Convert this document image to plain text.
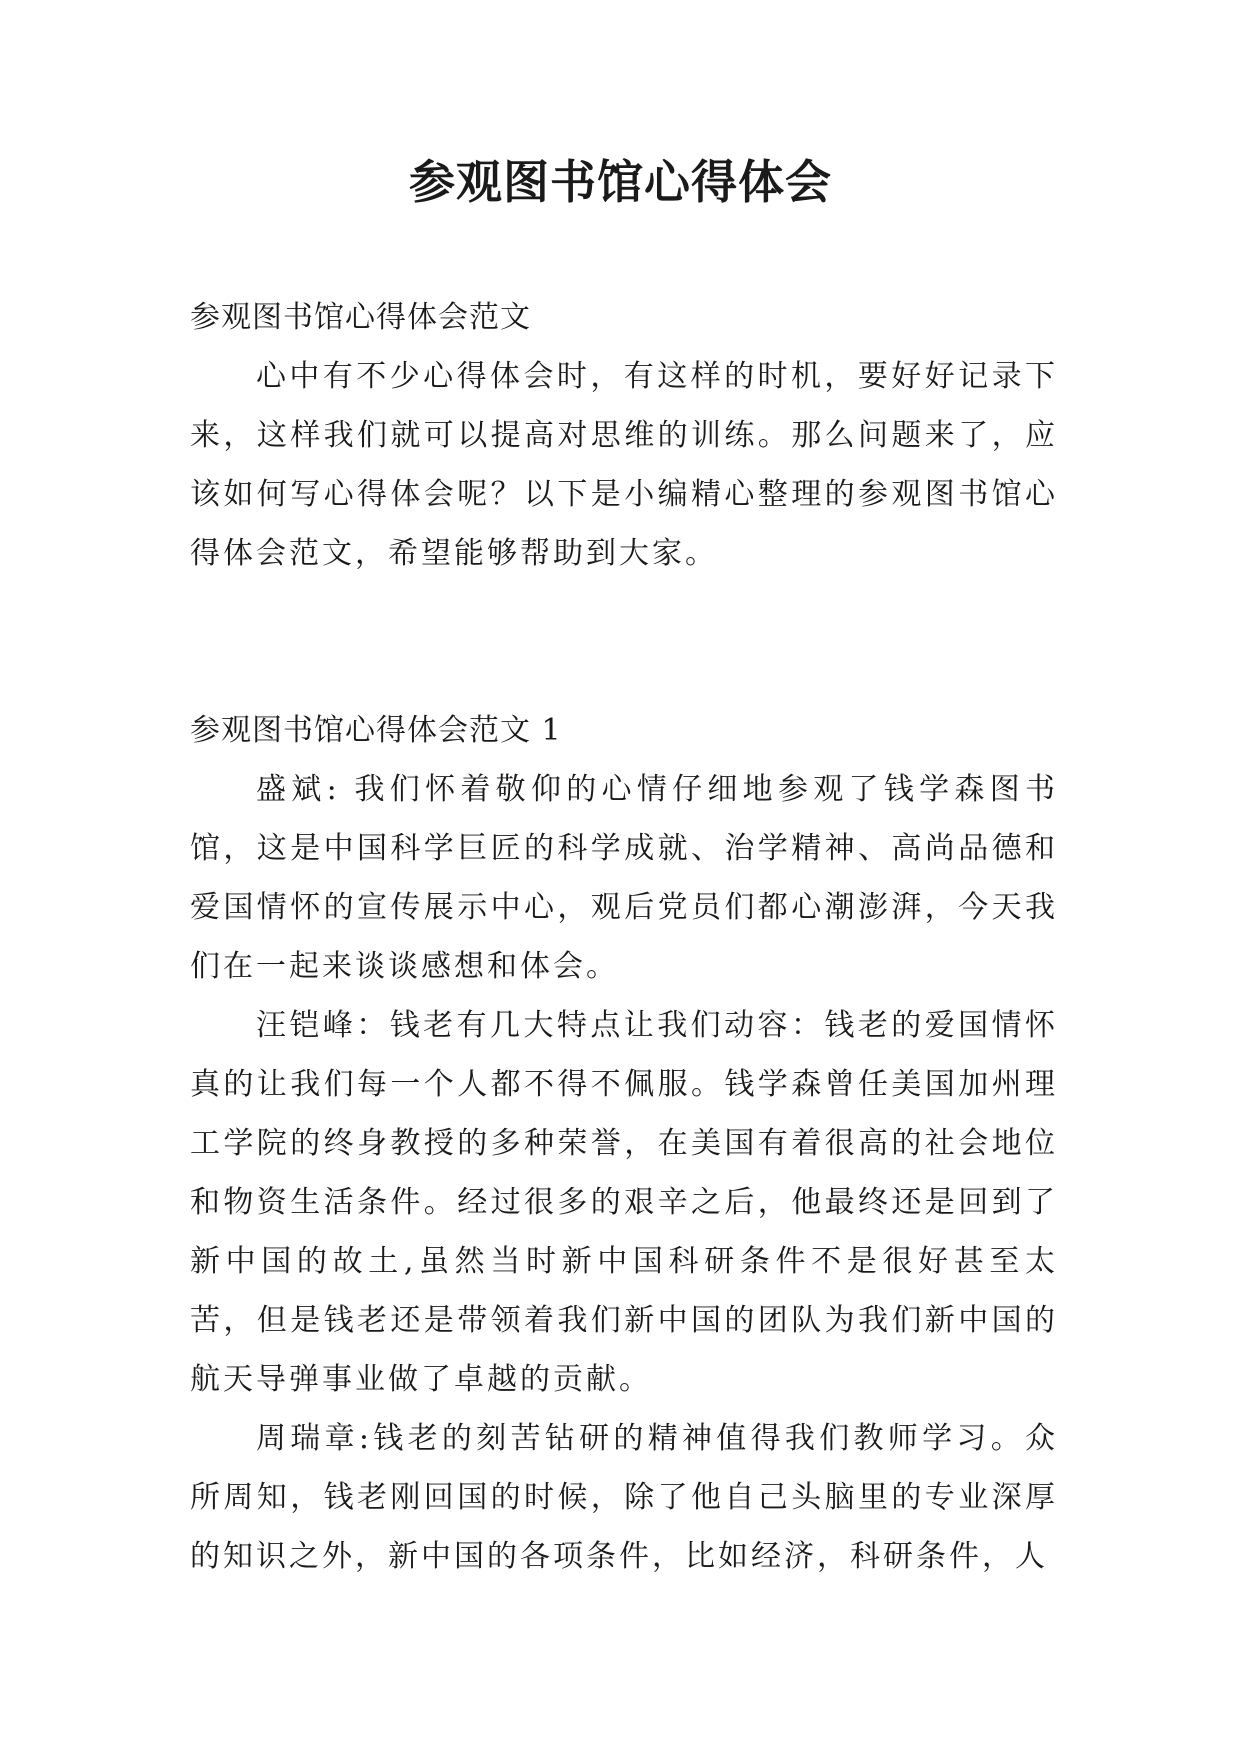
参观图书馆心得体会

参观图书馆心得体会范文

心中有不少心得体会时，有这样的时机，要好好记录下来，这样我们就可以提高对思维的训练。那么问题来了，应该如何写心得体会呢？以下是小编精心整理的参观图书馆心得体会范文，希望能够帮助到大家。

参观图书馆心得体会范文 1

盛斌: 我们怀着敬仰的心情仔细地参观了钱学森图书馆，这是中国科学巨匠的科学成就、治学精神、高尚品德和爱国情怀的宣传展示中心，观后党员们都心潮澎湃，今天我们在一起来谈谈感想和体会。

汪铠峰：钱老有几大特点让我们动容：钱老的爱国情怀真的让我们每一个人都不得不佩服。钱学森曾任美国加州理工学院的终身教授的多种荣誉，在美国有着很高的社会地位和物资生活条件。经过很多的艰辛之后，他最终还是回到了新中国的故土,虽然当时新中国科研条件不是很好甚至太苦，但是钱老还是带领着我们新中国的团队为我们新中国的航天导弹事业做了卓越的贡献。

周瑞章:钱老的刻苦钻研的精神值得我们教师学习。众所周知，钱老刚回国的时候，除了他自己头脑里的专业深厚的知识之外，新中国的各项条件，比如经济，科研条件，人
